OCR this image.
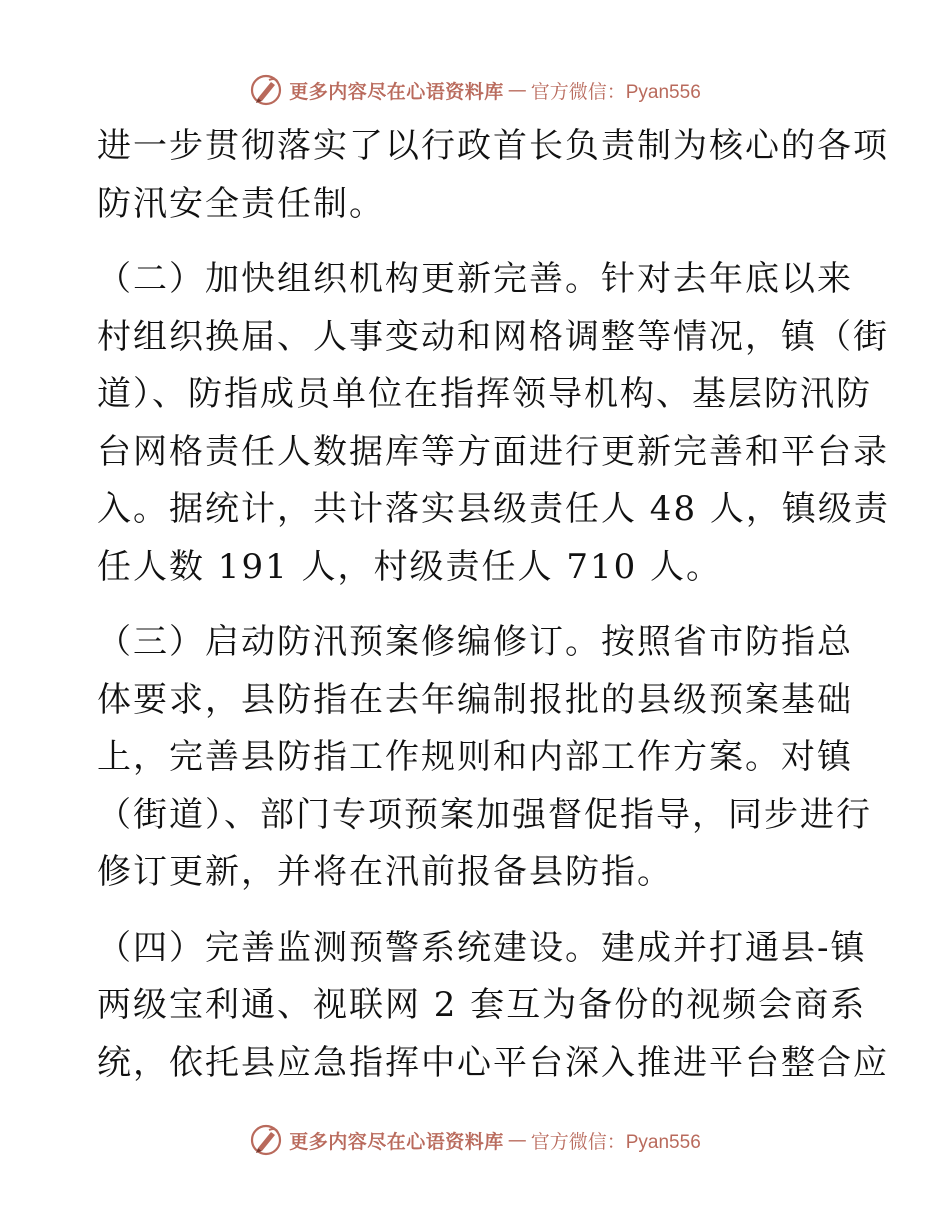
更多内容尽在心语资料库 — 官方微信：Pyan556
进一步贯彻落实了以行政首长负责制为核心的各项
防汛安全责任制。
（二）加快组织机构更新完善。针对去年底以来
村组织换届、人事变动和网格调整等情况，镇（街
道）、防指成员单位在指挥领导机构、基层防汛防
台网格责任人数据库等方面进行更新完善和平台录
入。据统计，共计落实县级责任人 48 人，镇级责
任人数 191 人，村级责任人 710 人。
（三）启动防汛预案修编修订。按照省市防指总
体要求，县防指在去年编制报批的县级预案基础
上，完善县防指工作规则和内部工作方案。对镇
（街道）、部门专项预案加强督促指导，同步进行
修订更新，并将在汛前报备县防指。
（四）完善监测预警系统建设。建成并打通县-镇
两级宝利通、视联网 2 套互为备份的视频会商系
统，依托县应急指挥中心平台深入推进平台整合应
更多内容尽在心语资料库 — 官方微信：Pyan556
